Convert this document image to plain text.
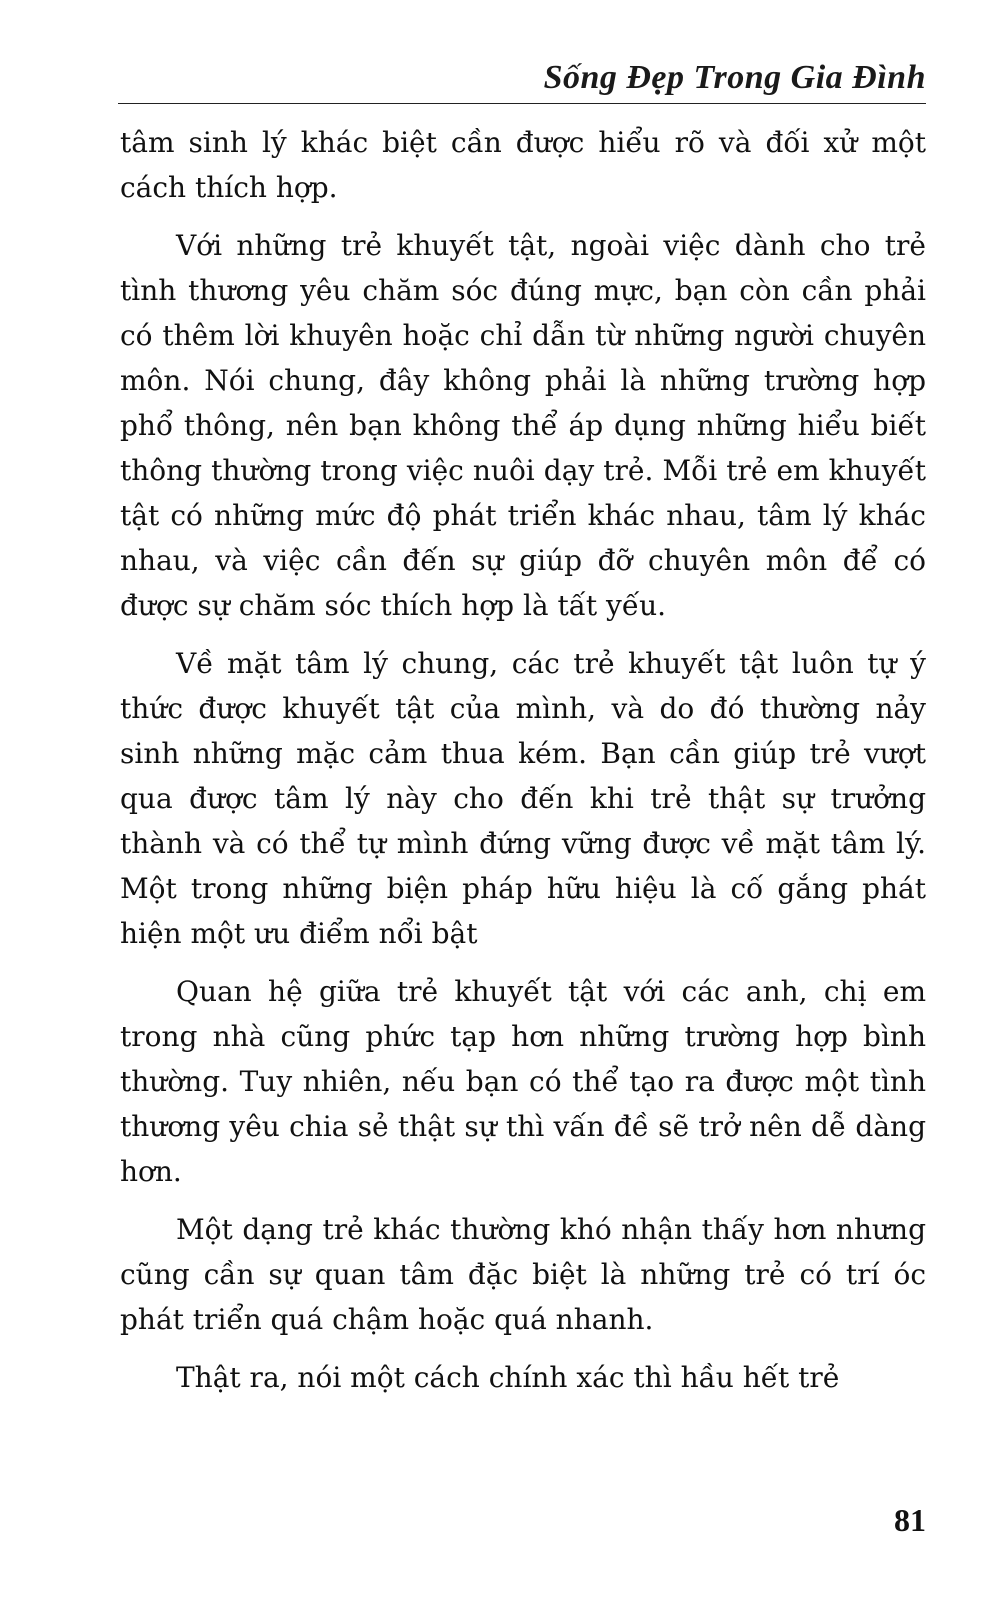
Sống Đẹp Trong Gia Đình

tâm sinh lý khác biệt cần được hiểu rõ và đối xử một cách thích hợp.

Với những trẻ khuyết tật, ngoài việc dành cho trẻ tình thương yêu chăm sóc đúng mực, bạn còn cần phải có thêm lời khuyên hoặc chỉ dẫn từ những người chuyên môn. Nói chung, đây không phải là những trường hợp phổ thông, nên bạn không thể áp dụng những hiểu biết thông thường trong việc nuôi dạy trẻ. Mỗi trẻ em khuyết tật có những mức độ phát triển khác nhau, tâm lý khác nhau, và việc cần đến sự giúp đỡ chuyên môn để có được sự chăm sóc thích hợp là tất yếu.

Về mặt tâm lý chung, các trẻ khuyết tật luôn tự ý thức được khuyết tật của mình, và do đó thường nảy sinh những mặc cảm thua kém. Bạn cần giúp trẻ vượt qua được tâm lý này cho đến khi trẻ thật sự trưởng thành và có thể tự mình đứng vững được về mặt tâm lý. Một trong những biện pháp hữu hiệu là cố gắng phát hiện một ưu điểm nổi bật

Quan hệ giữa trẻ khuyết tật với các anh, chị em trong nhà cũng phức tạp hơn những trường hợp bình thường. Tuy nhiên, nếu bạn có thể tạo ra được một tình thương yêu chia sẻ thật sự thì vấn đề sẽ trở nên dễ dàng hơn.

Một dạng trẻ khác thường khó nhận thấy hơn nhưng cũng cần sự quan tâm đặc biệt là những trẻ có trí óc phát triển quá chậm hoặc quá nhanh.

Thật ra, nói một cách chính xác thì hầu hết trẻ

81
